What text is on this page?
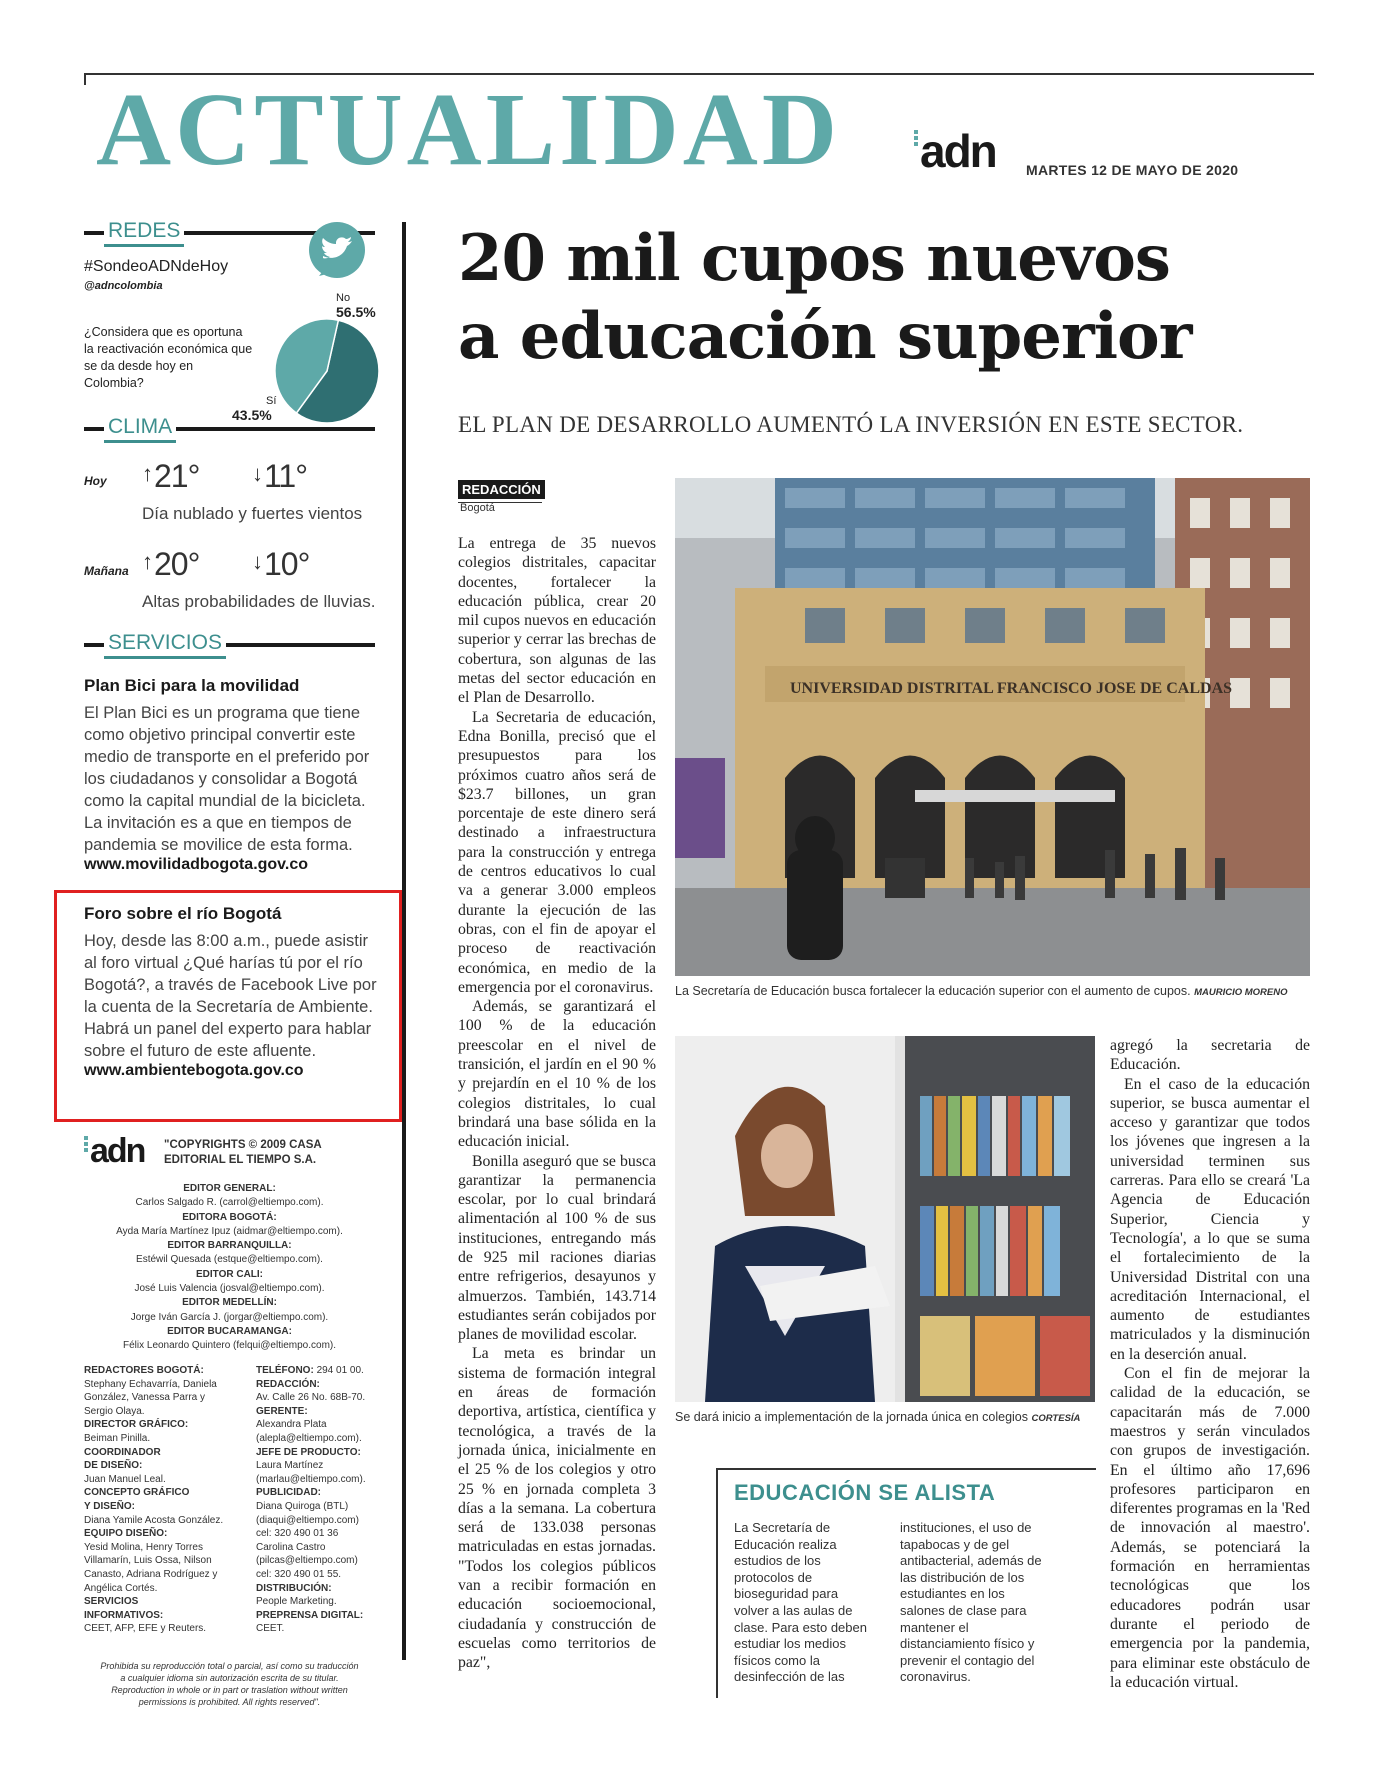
ACTUALIDAD adn MARTES 12 DE MAYO DE 2020
REDES
#SondeoADNdeHoy
@adncolombia
¿Considera que es oportuna la reactivación económica que se da desde hoy en Colombia?
No
56.5%
Sí
43.5%
CLIMA
Hoy ↑21° ↓11°
Día nublado y fuertes vientos
Mañana ↑20° ↓10°
Altas probabilidades de lluvias.
SERVICIOS
Plan Bici para la movilidad
El Plan Bici es un programa que tiene
como objetivo principal convertir este
medio de transporte en el preferido por
los ciudadanos y consolidar a Bogotá
como la capital mundial de la bicicleta.
La invitación es a que en tiempos de
pandemia se movilice de esta forma.
www.movilidadbogota.gov.co
Foro sobre el río Bogotá
Hoy, desde las 8:00 a.m., puede asistir
al foro virtual ¿Qué harías tú por el río
Bogotá?, a través de Facebook Live por
la cuenta de la Secretaría de Ambiente.
Habrá un panel del experto para hablar
sobre el futuro de este afluente.
www.ambientebogota.gov.co
adn "COPYRIGHTS © 2009 CASA
EDITORIAL EL TIEMPO S.A.
EDITOR GENERAL:
Carlos Salgado R. (carrol@eltiempo.com).
EDITORA BOGOTÁ:
Ayda María Martínez Ipuz (aidmar@eltiempo.com).
EDITOR BARRANQUILLA:
Estéwil Quesada (estque@eltiempo.com).
EDITOR CALI:
José Luis Valencia (josval@eltiempo.com).
EDITOR MEDELLÍN:
Jorge Iván García J. (jorgar@eltiempo.com).
EDITOR BUCARAMANGA:
Félix Leonardo Quintero (felqui@eltiempo.com).
REDACTORES BOGOTÁ:
Stephany Echavarría, Daniela
González, Vanessa Parra y
Sergio Olaya.
DIRECTOR GRÁFICO:
Beiman Pinilla.
COORDINADOR
DE DISEÑO:
Juan Manuel Leal.
CONCEPTO GRÁFICO
Y DISEÑO:
Diana Yamile Acosta González.
EQUIPO DISEÑO:
Yesid Molina, Henry Torres
Villamarín, Luis Ossa, Nilson
Canasto, Adriana Rodríguez y
Angélica Cortés.
SERVICIOS
INFORMATIVOS:
CEET, AFP, EFE y Reuters.
TELÉFONO: 294 01 00.
REDACCIÓN:
Av. Calle 26 No. 68B-70.
GERENTE:
Alexandra Plata
(alepla@eltiempo.com).
JEFE DE PRODUCTO:
Laura Martínez
(marlau@eltiempo.com).
PUBLICIDAD:
Diana Quiroga (BTL)
(diaqui@eltiempo.com)
cel: 320 490 01 36
Carolina Castro
(pilcas@eltiempo.com)
cel: 320 490 01 55.
DISTRIBUCIÓN:
People Marketing.
PREPRENSA DIGITAL:
CEET.
Prohibida su reproducción total o parcial, así como su traducción
a cualquier idioma sin autorización escrita de su titular.
Reproduction in whole or in part or traslation without written
permissions is prohibited. All rights reserved".
20 mil cupos nuevos
a educación superior
EL PLAN DE DESARROLLO AUMENTÓ LA INVERSIÓN EN ESTE SECTOR.
REDACCIÓN
Bogotá

La entrega de 35 nuevos colegios distritales, capacitar docentes, fortalecer la educación pública, crear 20 mil cupos nuevos en educación superior y cerrar las brechas de cobertura, son algunas de las metas del sector educación en el Plan de Desarrollo.

La Secretaria de educación, Edna Bonilla, precisó que el presupuestos para los próximos cuatro años será de $23.7 billones, un gran porcentaje de este dinero será destinado a infraestructura para la construcción y entrega de centros educativos lo cual va a generar 3.000 empleos durante la ejecución de las obras, con el fin de apoyar el proceso de reactivación económica, en medio de la emergencia por el coronavirus.

Además, se garantizará el 100 % de la educación preescolar en el nivel de transición, el jardín en el 90 % y prejardín en el 10 % de los colegios distritales, lo cual brindará una base sólida en la educación inicial.

Bonilla aseguró que se busca garantizar la permanencia escolar, por lo cual brindará alimentación al 100 % de sus instituciones, entregando más de 925 mil raciones diarias entre refrigerios, desayunos y almuerzos. También, 143.714 estudiantes serán cobijados por planes de movilidad escolar.

La meta es brindar un sistema de formación integral en áreas de formación deportiva, artística, científica y tecnológica, a través de la jornada única, inicialmente en el 25 % de los colegios y otro 25 % en jornada completa 3 días a la semana. La cobertura será de 133.038 personas matriculadas en estas jornadas. "Todos los colegios públicos van a recibir formación en educación socioemocional, ciudadanía y construcción de escuelas como territorios de paz",

UNIVERSIDAD DISTRITAL FRANCISCO JOSE DE CALDAS
La Secretaría de Educación busca fortalecer la educación superior con el aumento de cupos. MAURICIO MORENO
Se dará inicio a implementación de la jornada única en colegios CORTESÍA

agregó la secretaria de Educación.

En el caso de la educación superior, se busca aumentar el acceso y garantizar que todos los jóvenes que ingresen a la universidad terminen sus carreras. Para ello se creará 'La Agencia de Educación Superior, Ciencia y Tecnología', a lo que se suma el fortalecimiento de la Universidad Distrital con una acreditación Internacional, el aumento de estudiantes matriculados y la disminución en la deserción anual.

Con el fin de mejorar la calidad de la educación, se capacitarán más de 7.000 maestros y serán vinculados con grupos de investigación. En el último año 17,696 profesores participaron en diferentes programas en la 'Red de innovación al maestro'. Además, se potenciará la formación en herramientas tecnológicas que los educadores podrán usar durante el periodo de emergencia por la pandemia, para eliminar este obstáculo de la educación virtual.

EDUCACIÓN SE ALISTA
La Secretaría de
Educación realiza
estudios de los
protocolos de
bioseguridad para
volver a las aulas de
clase. Para esto deben
estudiar los medios
físicos como la
desinfección de las
instituciones, el uso de
tapabocas y de gel
antibacterial, además de
las distribución de los
estudiantes en los
salones de clase para
mantener el
distanciamiento físico y
prevenir el contagio del
coronavirus.
